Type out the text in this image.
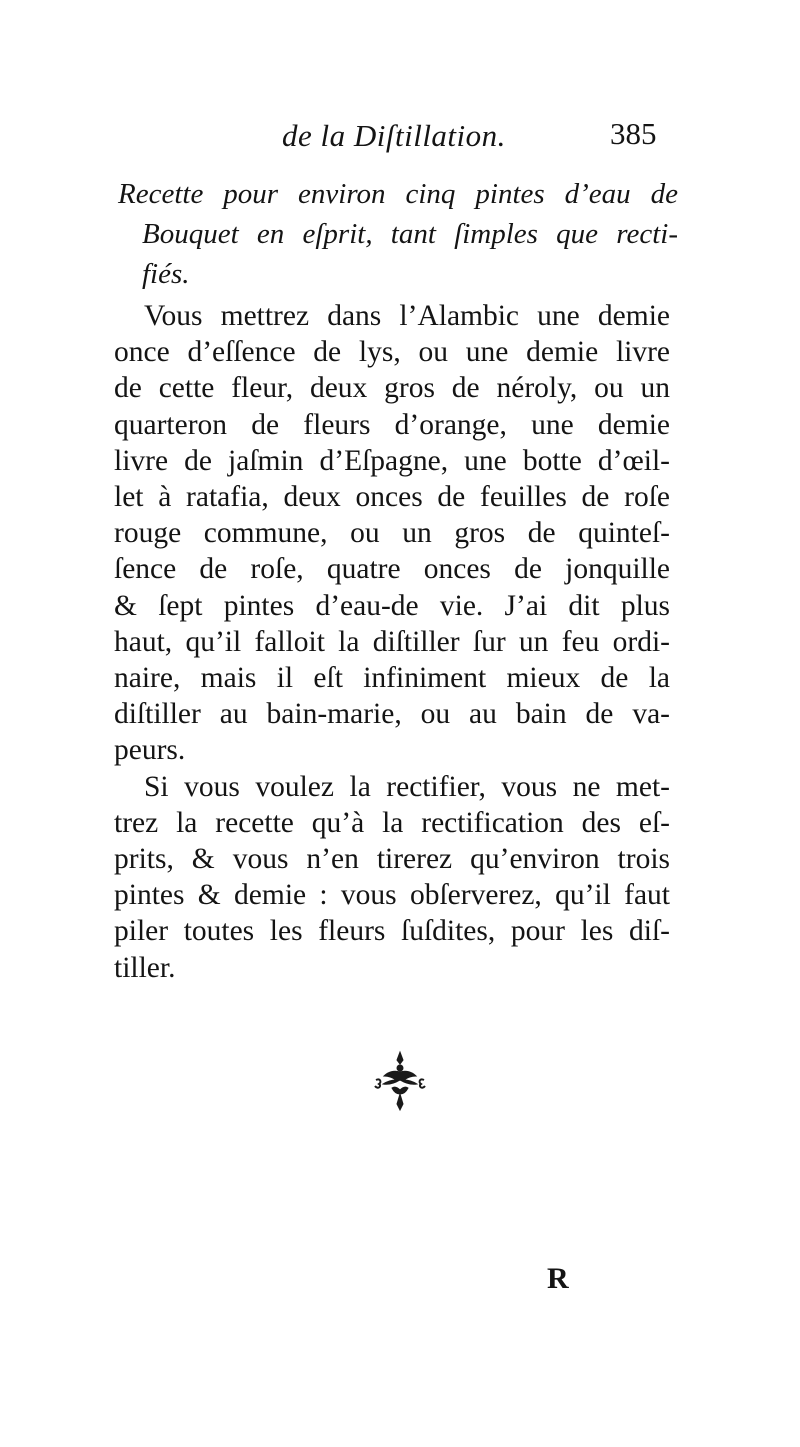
de la Diſtillation.	385
Recette pour environ cinq pintes d’eau de
Bouquet en eſprit, tant ſimples que recti-
fiés.
Vous mettrez dans l’Alambic une demie
once d’eſſence de lys, ou une demie livre
de cette fleur, deux gros de néroly, ou un
quarteron de fleurs d’orange, une demie
livre de jaſmin d’Eſpagne, une botte d’œil-
let à ratafia, deux onces de feuilles de roſe
rouge commune, ou un gros de quinteſ-
ſence de roſe, quatre onces de jonquille
& ſept pintes d’eau-de vie. J’ai dit plus
haut, qu’il falloit la diſtiller ſur un feu ordi-
naire, mais il eſt infiniment mieux de la
diſtiller au bain-marie, ou au bain de va-
peurs.
Si vous voulez la rectifier, vous ne met-
trez la recette qu’à la rectification des eſ-
prits, & vous n’en tirerez qu’environ trois
pintes & demie : vous obſerverez, qu’il faut
piler toutes les fleurs ſuſdites, pour les diſ-
tiller.
R
